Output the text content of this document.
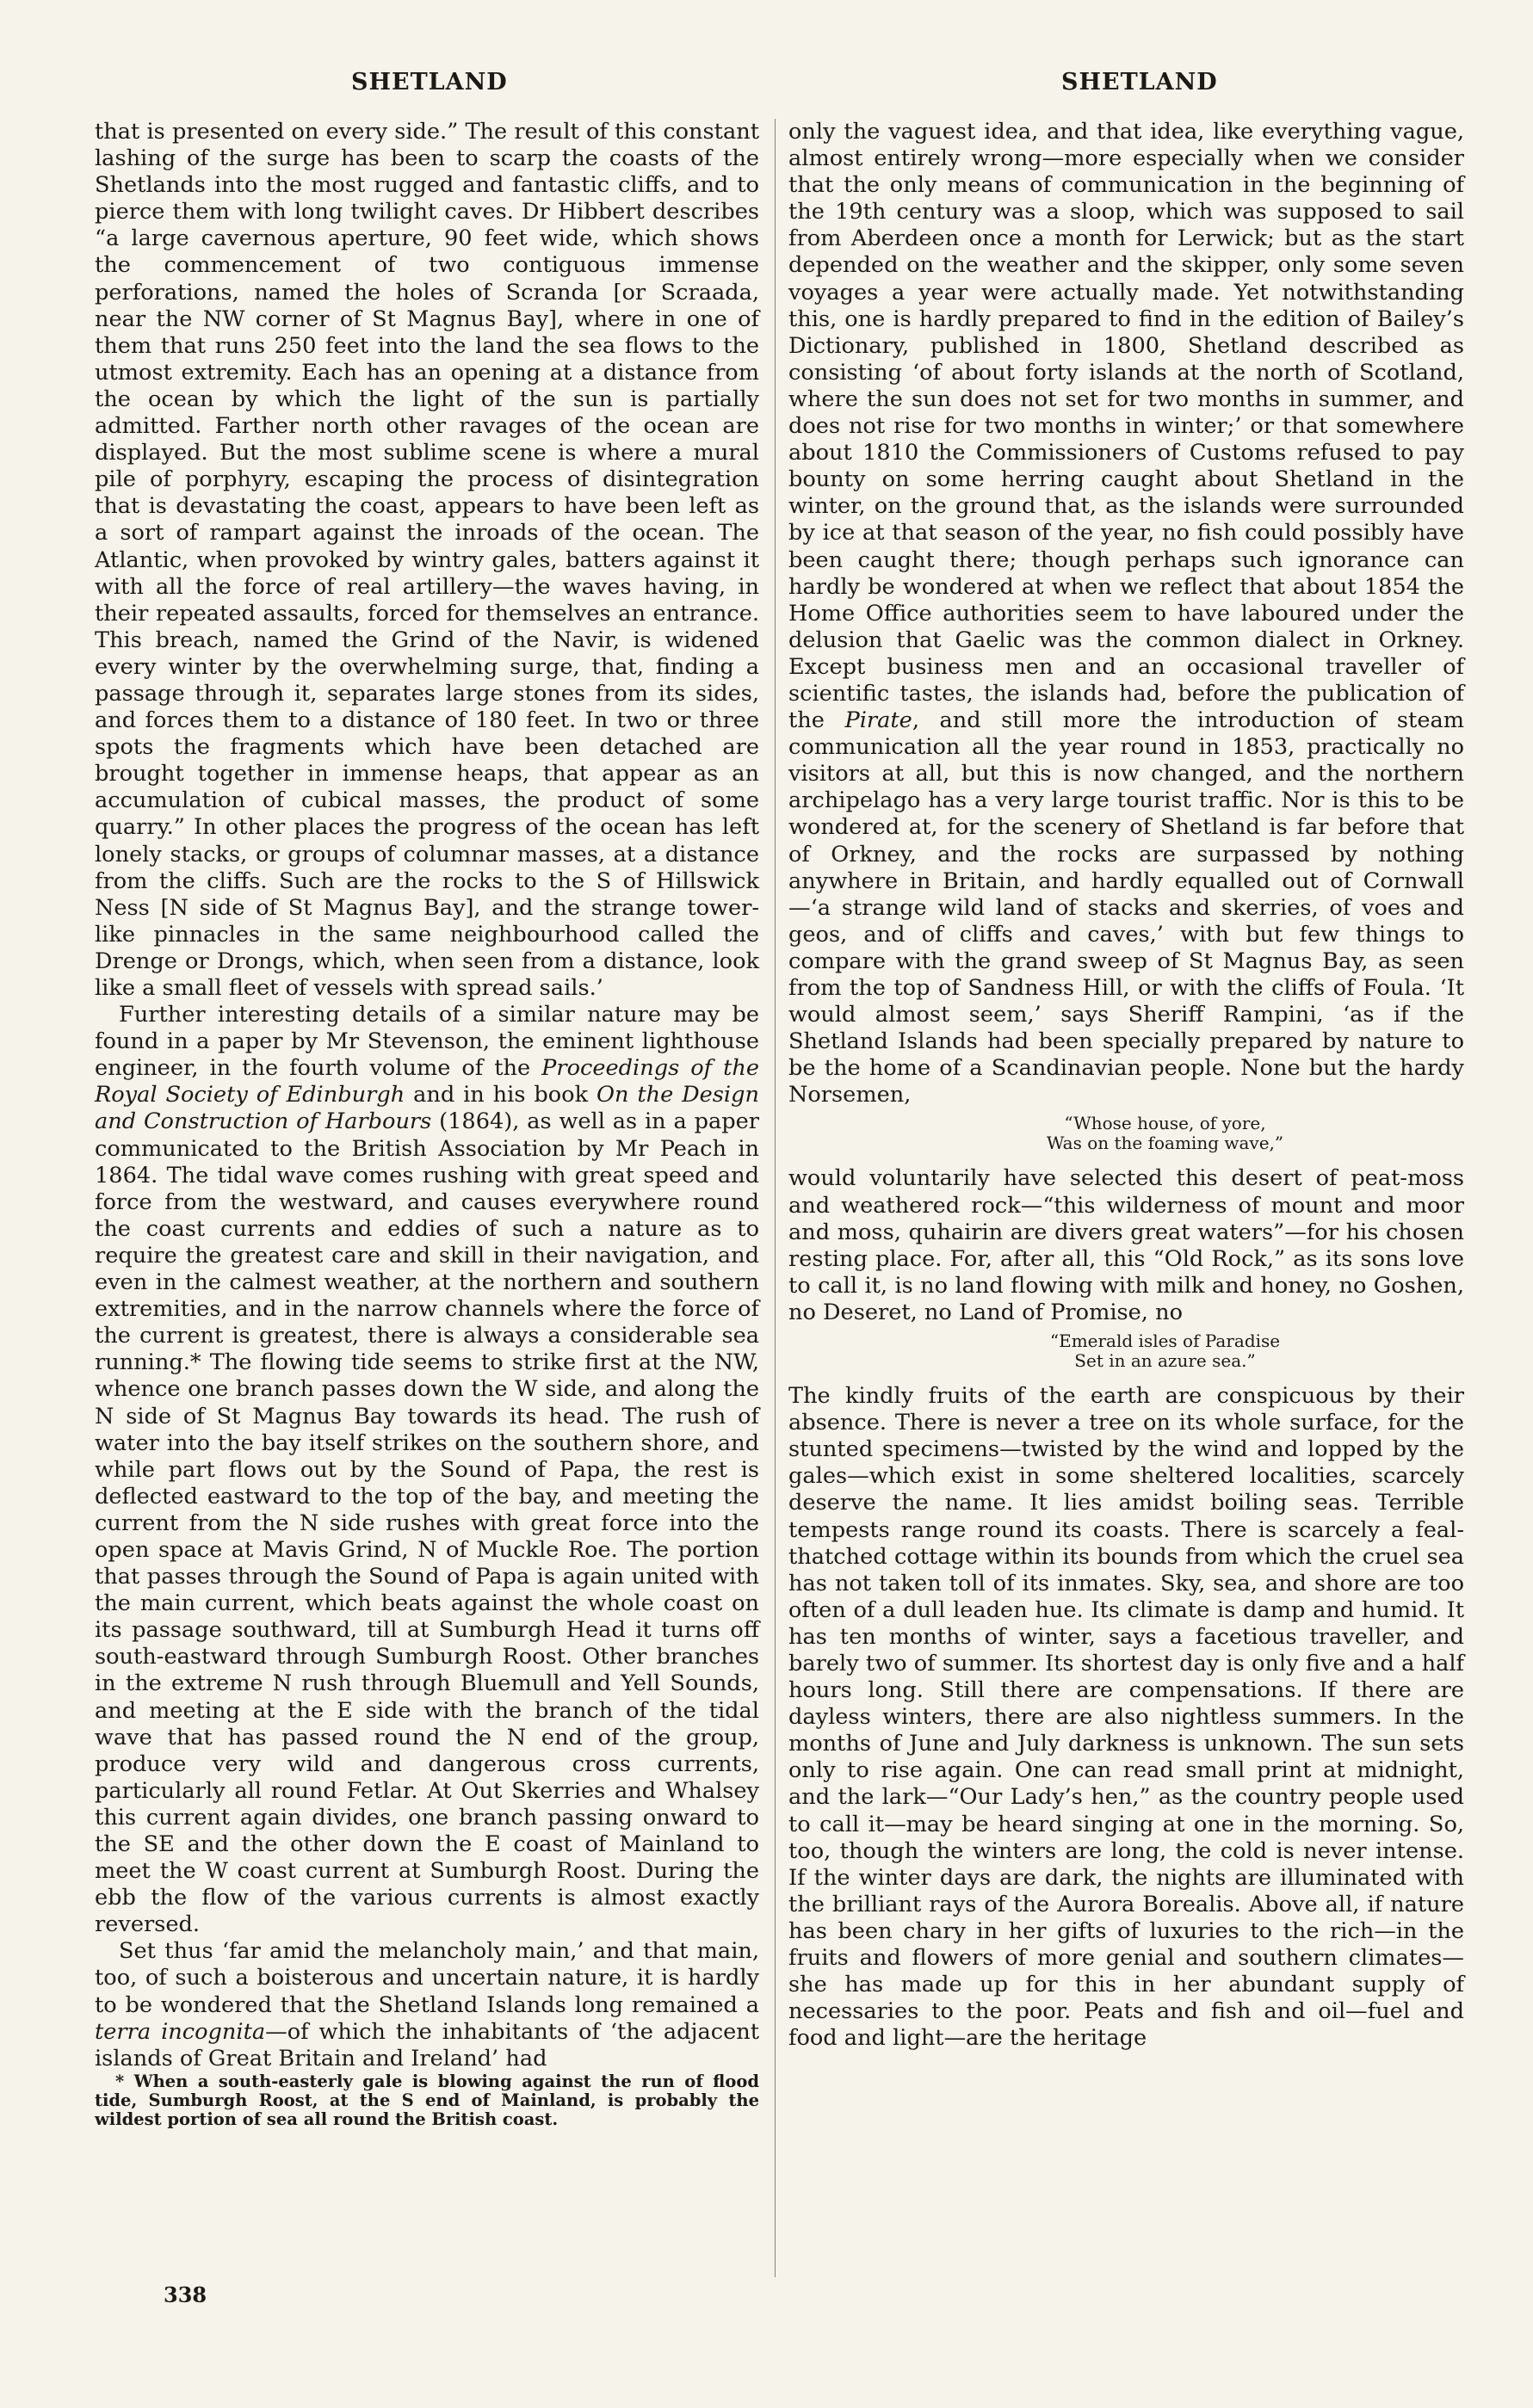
SHETLAND	SHETLAND

that is presented on every side.” The result of this constant lashing of the surge has been to scarp the coasts of the Shetlands into the most rugged and fantastic cliffs, and to pierce them with long twilight caves. Dr Hibbert describes “a large cavernous aperture, 90 feet wide, which shows the commencement of two contiguous immense perforations, named the holes of Scranda [or Scraada, near the NW corner of St Magnus Bay], where in one of them that runs 250 feet into the land the sea flows to the utmost extremity. Each has an opening at a distance from the ocean by which the light of the sun is partially admitted. Farther north other ravages of the ocean are displayed. But the most sublime scene is where a mural pile of porphyry, escaping the process of disintegration that is devastating the coast, appears to have been left as a sort of rampart against the inroads of the ocean. The Atlantic, when provoked by wintry gales, batters against it with all the force of real artillery—the waves having, in their repeated assaults, forced for themselves an entrance. This breach, named the Grind of the Navir, is widened every winter by the overwhelming surge, that, finding a passage through it, separates large stones from its sides, and forces them to a distance of 180 feet. In two or three spots the fragments which have been detached are brought together in immense heaps, that appear as an accumulation of cubical masses, the product of some quarry.” In other places the progress of the ocean has left lonely stacks, or groups of columnar masses, at a distance from the cliffs. Such are the rocks to the S of Hillswick Ness [N side of St Magnus Bay], and the strange tower-like pinnacles in the same neighbourhood called the Drenge or Drongs, which, when seen from a distance, look like a small fleet of vessels with spread sails.’

Further interesting details of a similar nature may be found in a paper by Mr Stevenson, the eminent lighthouse engineer, in the fourth volume of the Proceedings of the Royal Society of Edinburgh and in his book On the Design and Construction of Harbours (1864), as well as in a paper communicated to the British Association by Mr Peach in 1864. The tidal wave comes rushing with great speed and force from the westward, and causes everywhere round the coast currents and eddies of such a nature as to require the greatest care and skill in their navigation, and even in the calmest weather, at the northern and southern extremities, and in the narrow channels where the force of the current is greatest, there is always a considerable sea running.* The flowing tide seems to strike first at the NW, whence one branch passes down the W side, and along the N side of St Magnus Bay towards its head. The rush of water into the bay itself strikes on the southern shore, and while part flows out by the Sound of Papa, the rest is deflected eastward to the top of the bay, and meeting the current from the N side rushes with great force into the open space at Mavis Grind, N of Muckle Roe. The portion that passes through the Sound of Papa is again united with the main current, which beats against the whole coast on its passage southward, till at Sumburgh Head it turns off south-eastward through Sumburgh Roost. Other branches in the extreme N rush through Bluemull and Yell Sounds, and meeting at the E side with the branch of the tidal wave that has passed round the N end of the group, produce very wild and dangerous cross currents, particularly all round Fetlar. At Out Skerries and Whalsey this current again divides, one branch passing onward to the SE and the other down the E coast of Mainland to meet the W coast current at Sumburgh Roost. During the ebb the flow of the various currents is almost exactly reversed.

Set thus ‘far amid the melancholy main,’ and that main, too, of such a boisterous and uncertain nature, it is hardly to be wondered that the Shetland Islands long remained a terra incognita—of which the inhabitants of ‘the adjacent islands of Great Britain and Ireland’ had

* When a south-easterly gale is blowing against the run of flood tide, Sumburgh Roost, at the S end of Mainland, is probably the wildest portion of sea all round the British coast.

only the vaguest idea, and that idea, like everything vague, almost entirely wrong—more especially when we consider that the only means of communication in the beginning of the 19th century was a sloop, which was supposed to sail from Aberdeen once a month for Lerwick; but as the start depended on the weather and the skipper, only some seven voyages a year were actually made. Yet notwithstanding this, one is hardly prepared to find in the edition of Bailey’s Dictionary, published in 1800, Shetland described as consisting ‘of about forty islands at the north of Scotland, where the sun does not set for two months in summer, and does not rise for two months in winter;’ or that somewhere about 1810 the Commissioners of Customs refused to pay bounty on some herring caught about Shetland in the winter, on the ground that, as the islands were surrounded by ice at that season of the year, no fish could possibly have been caught there; though perhaps such ignorance can hardly be wondered at when we reflect that about 1854 the Home Office authorities seem to have laboured under the delusion that Gaelic was the common dialect in Orkney. Except business men and an occasional traveller of scientific tastes, the islands had, before the publication of the Pirate, and still more the introduction of steam communication all the year round in 1853, practically no visitors at all, but this is now changed, and the northern archipelago has a very large tourist traffic. Nor is this to be wondered at, for the scenery of Shetland is far before that of Orkney, and the rocks are surpassed by nothing anywhere in Britain, and hardly equalled out of Cornwall—‘a strange wild land of stacks and skerries, of voes and geos, and of cliffs and caves,’ with but few things to compare with the grand sweep of St Magnus Bay, as seen from the top of Sandness Hill, or with the cliffs of Foula. ‘It would almost seem,’ says Sheriff Rampini, ‘as if the Shetland Islands had been specially prepared by nature to be the home of a Scandinavian people. None but the hardy Norsemen,

“Whose house, of yore,
Was on the foaming wave,”

would voluntarily have selected this desert of peat-moss and weathered rock—“this wilderness of mount and moor and moss, quhairin are divers great waters”—for his chosen resting place. For, after all, this “Old Rock,” as its sons love to call it, is no land flowing with milk and honey, no Goshen, no Deseret, no Land of Promise, no

“Emerald isles of Paradise
Set in an azure sea.”

The kindly fruits of the earth are conspicuous by their absence. There is never a tree on its whole surface, for the stunted specimens—twisted by the wind and lopped by the gales—which exist in some sheltered localities, scarcely deserve the name. It lies amidst boiling seas. Terrible tempests range round its coasts. There is scarcely a feal-thatched cottage within its bounds from which the cruel sea has not taken toll of its inmates. Sky, sea, and shore are too often of a dull leaden hue. Its climate is damp and humid. It has ten months of winter, says a facetious traveller, and barely two of summer. Its shortest day is only five and a half hours long. Still there are compensations. If there are dayless winters, there are also nightless summers. In the months of June and July darkness is unknown. The sun sets only to rise again. One can read small print at midnight, and the lark—“Our Lady’s hen,” as the country people used to call it—may be heard singing at one in the morning. So, too, though the winters are long, the cold is never intense. If the winter days are dark, the nights are illuminated with the brilliant rays of the Aurora Borealis. Above all, if nature has been chary in her gifts of luxuries to the rich—in the fruits and flowers of more genial and southern climates—she has made up for this in her abundant supply of necessaries to the poor. Peats and fish and oil—fuel and food and light—are the heritage

338
